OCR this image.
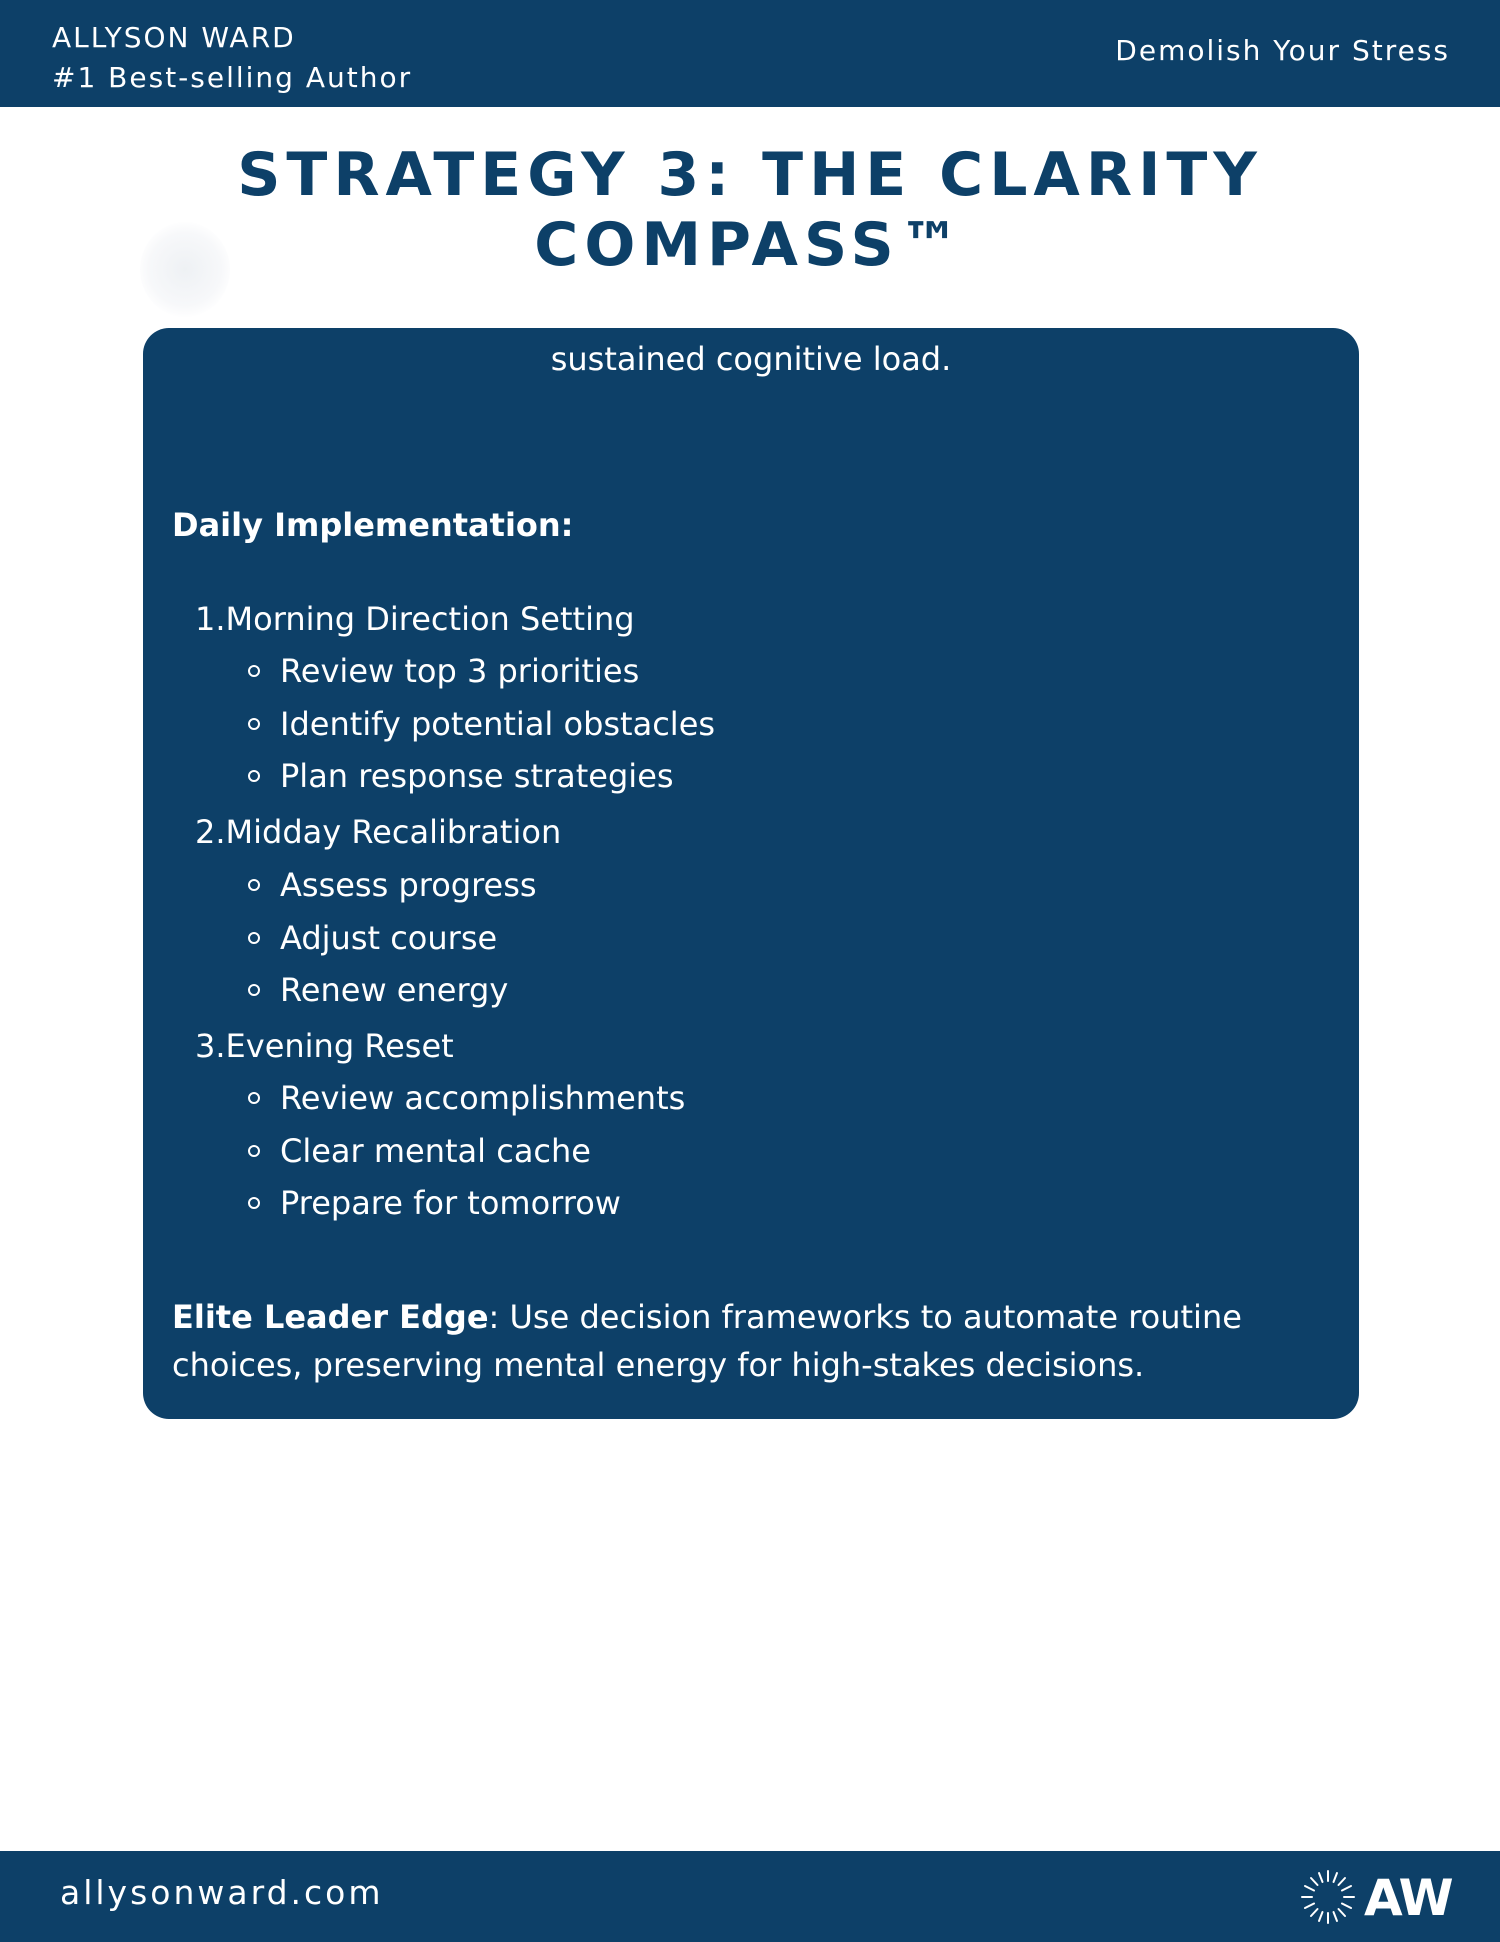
ALLYSON WARD
#1 Best-selling Author
Demolish Your Stress
STRATEGY 3: THE CLARITY
COMPASS™
sustained cognitive load.
Daily Implementation:
1.Morning Direction Setting
Review top 3 priorities
Identify potential obstacles
Plan response strategies
2.Midday Recalibration
Assess progress
Adjust course
Renew energy
3.Evening Reset
Review accomplishments
Clear mental cache
Prepare for tomorrow
Elite Leader Edge: Use decision frameworks to automate routine choices, preserving mental energy for high-stakes decisions.
allysonward.com	AW
